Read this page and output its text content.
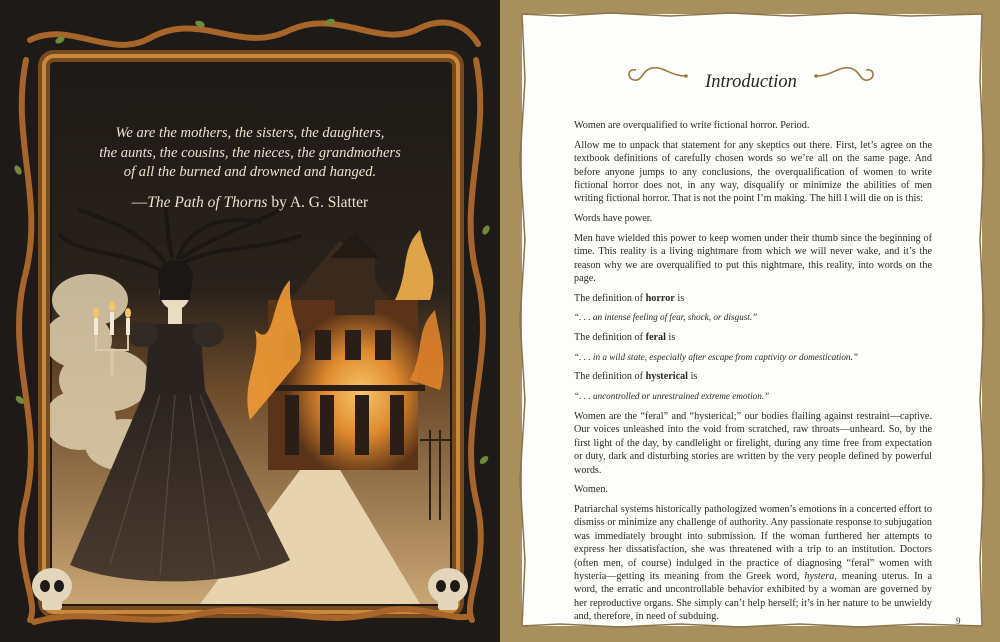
We are the mothers, the sisters, the daughters,
the aunts, the cousins, the nieces, the grandmothers
of all the burned and drowned and hanged.
—The Path of Thorns by A. G. Slatter
Introduction

Women are overqualified to write fictional horror. Period.

Allow me to unpack that statement for any skeptics out there. First, let’s agree on the textbook definitions of carefully chosen words so we’re all on the same page. And before anyone jumps to any conclusions, the overqualification of women to write fictional horror does not, in any way, disqualify or minimize the abilities of men writing fictional horror. That is not the point I’m making. The hill I will die on is this:

Words have power.

Men have wielded this power to keep women under their thumb since the beginning of time. This reality is a living nightmare from which we will never wake, and it’s the reason why we are overqualified to put this nightmare, this reality, into words on the page.

The definition of horror is

“. . . an intense feeling of fear, shock, or disgust.”

The definition of feral is

“. . . in a wild state, especially after escape from captivity or domestication.”

The definition of hysterical is

“. . . uncontrolled or unrestrained extreme emotion.”

Women are the “feral” and “hysterical;” our bodies flailing against restraint—captive. Our voices unleashed into the void from scratched, raw throats—unheard. So, by the first light of the day, by candlelight or firelight, during any time free from expectation or duty, dark and disturbing stories are written by the very people defined by powerful words.

Women.

Patriarchal systems historically pathologized women’s emotions in a concerted effort to dismiss or minimize any challenge of authority. Any passionate response to subjugation was immediately brought into submission. If the woman furthered her attempts to express her dissatisfaction, she was threatened with a trip to an institution. Doctors (often men, of course) indulged in the practice of diagnosing “feral” women with hysteria—getting its meaning from the Greek word, hystera, meaning uterus. In a word, the erratic and uncontrollable behavior exhibited by a woman are governed by her reproductive organs. She simply can’t help herself; it’s in her nature to be unwieldy and, therefore, in need of subduing.	9
